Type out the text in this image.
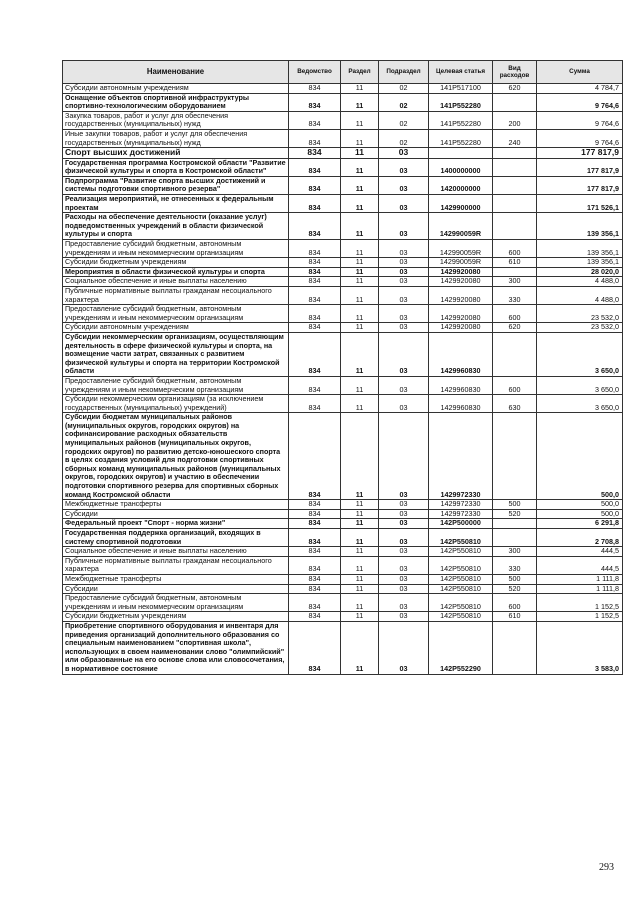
Наименование	Ведомство	Раздел	Подраздел	Целевая статья	Вид расходов	Сумма
Субсидии автономным учреждениям	834	11	02	141P517100	620	4 784,7
Оснащение объектов спортивной инфраструктуры спортивно-технологическим оборудованием	834	11	02	141P552280		9 764,6
Закупка товаров, работ и услуг для обеспечения государственных (муниципальных) нужд	834	11	02	141P552280	200	9 764,6
Иные закупки товаров, работ и услуг для обеспечения государственных (муниципальных) нужд	834	11	02	141P552280	240	9 764,6
Спорт высших достижений	834	11	03			177 817,9
Государственная программа Костромской области "Развитие физической культуры и спорта в Костромской области"	834	11	03	1400000000		177 817,9
Подпрограмма "Развитие спорта высших достижений и системы подготовки спортивного резерва"	834	11	03	1420000000		177 817,9
Реализация мероприятий, не отнесенных к федеральным проектам	834	11	03	1429900000		171 526,1
Расходы на обеспечение деятельности (оказание услуг) подведомственных учреждений в области физической культуры и спорта	834	11	03	142990059R		139 356,1
Предоставление субсидий бюджетным, автономным учреждениям и иным некоммерческим организациям	834	11	03	142990059R	600	139 356,1
Субсидии бюджетным учреждениям	834	11	03	142990059R	610	139 356,1
Мероприятия в области физической культуры и спорта	834	11	03	1429920080		28 020,0
Социальное обеспечение и иные выплаты населению	834	11	03	1429920080	300	4 488,0
Публичные нормативные выплаты гражданам несоциального характера	834	11	03	1429920080	330	4 488,0
Предоставление субсидий бюджетным, автономным учреждениям и иным некоммерческим организациям	834	11	03	1429920080	600	23 532,0
Субсидии автономным учреждениям	834	11	03	1429920080	620	23 532,0
Субсидии некоммерческим организациям, осуществляющим деятельность в сфере физической культуры и спорта, на возмещение части затрат, связанных с развитием физической культуры и спорта на территории Костромской области	834	11	03	1429960830		3 650,0
Предоставление субсидий бюджетным, автономным учреждениям и иным некоммерческим организациям	834	11	03	1429960830	600	3 650,0
Субсидии некоммерческим организациям (за исключением государственных (муниципальных) учреждений)	834	11	03	1429960830	630	3 650,0
Субсидии бюджетам муниципальных районов (муниципальных округов, городских округов) на софинансирование расходных обязательств муниципальных районов (муниципальных округов, городских округов) по развитию детско-юношеского спорта в целях создания условий для подготовки спортивных сборных команд муниципальных районов (муниципальных округов, городских округов) и участию в обеспечении подготовки спортивного резерва для спортивных сборных команд Костромской области	834	11	03	1429972330		500,0
Межбюджетные трансферты	834	11	03	1429972330	500	500,0
Субсидии	834	11	03	1429972330	520	500,0
Федеральный проект "Спорт - норма жизни"	834	11	03	142P500000		6 291,8
Государственная поддержка организаций, входящих в систему спортивной подготовки	834	11	03	142P550810		2 708,8
Социальное обеспечение и иные выплаты населению	834	11	03	142P550810	300	444,5
Публичные нормативные выплаты гражданам несоциального характера	834	11	03	142P550810	330	444,5
Межбюджетные трансферты	834	11	03	142P550810	500	1 111,8
Субсидии	834	11	03	142P550810	520	1 111,8
Предоставление субсидий бюджетным, автономным учреждениям и иным некоммерческим организациям	834	11	03	142P550810	600	1 152,5
Субсидии бюджетным учреждениям	834	11	03	142P550810	610	1 152,5
Приобретение спортивного оборудования и инвентаря для приведения организаций дополнительного образования со специальным наименованием "спортивная школа", использующих в своем наименовании слово "олимпийский" или образованные на его основе слова или словосочетания, в нормативное состояние	834	11	03	142P552290		3 583,0
293
